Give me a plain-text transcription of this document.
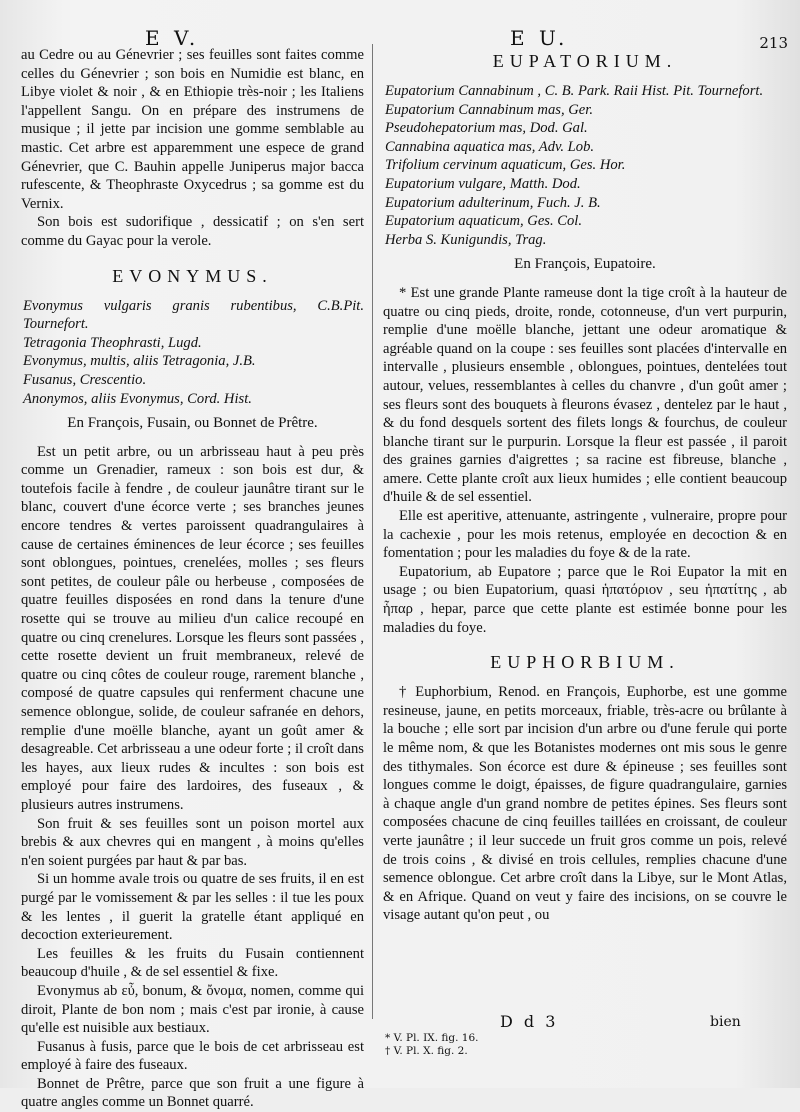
E V.	E U.	213

au Cedre ou au Génevrier ; ses feuilles sont faites comme celles du Génevrier ; son bois en Numidie est blanc, en Libye violet & noir , & en Ethiopie très-noir ; les Italiens l'appellent Sangu. On en prépare des instrumens de musique ; il jette par incision une gomme semblable au mastic. Cet arbre est apparemment une espece de grand Génevrier, que C. Bauhin appelle Juniperus major bacca rufescente, & Theophraste Oxycedrus ; sa gomme est du Vernix.

Son bois est sudorifique , dessicatif ; on s'en sert comme du Gayac pour la verole.

EVONYMUS.

Evonymus vulgaris granis rubentibus, C.B.Pit. Tournefort.

Tetragonia Theophrasti, Lugd.

Evonymus, multis, aliis Tetragonia, J.B.

Fusanus, Crescentio.

Anonymos, aliis Evonymus, Cord. Hist.

En François, Fusain, ou Bonnet de Prêtre.

Est un petit arbre, ou un arbrisseau haut à peu près comme un Grenadier, rameux : son bois est dur, & toutefois facile à fendre , de couleur jaunâtre tirant sur le blanc, couvert d'une écorce verte ; ses branches jeunes encore tendres & vertes paroissent quadrangulaires à cause de certaines éminences de leur écorce ; ses feuilles sont oblongues, pointues, crenelées, molles ; ses fleurs sont petites, de couleur pâle ou herbeuse , composées de quatre feuilles disposées en rond dans la tenure d'une rosette qui se trouve au milieu d'un calice recoupé en quatre ou cinq crenelures. Lorsque les fleurs sont passées , cette rosette devient un fruit membraneux, relevé de quatre ou cinq côtes de couleur rouge, rarement blanche , composé de quatre capsules qui renferment chacune une semence oblongue, solide, de couleur safranée en dehors, remplie d'une moëlle blanche, ayant un goût amer & desagreable. Cet arbrisseau a une odeur forte ; il croît dans les hayes, aux lieux rudes & incultes : son bois est employé pour faire des lardoires, des fuseaux , & plusieurs autres instrumens.

Son fruit & ses feuilles sont un poison mortel aux brebis & aux chevres qui en mangent , à moins qu'elles n'en soient purgées par haut & par bas.

Si un homme avale trois ou quatre de ses fruits, il en est purgé par le vomissement & par les selles : il tue les poux & les lentes , il guerit la gratelle étant appliqué en decoction exterieurement.

Les feuilles & les fruits du Fusain contiennent beaucoup d'huile , & de sel essentiel & fixe.

Evonymus ab εὖ, bonum, & ὄνομα, nomen, comme qui diroit, Plante de bon nom ; mais c'est par ironie, à cause qu'elle est nuisible aux bestiaux.

Fusanus à fusis, parce que le bois de cet arbrisseau est employé à faire des fuseaux.

Bonnet de Prêtre, parce que son fruit a une figure à quatre angles comme un Bonnet quarré.

EUPATORIUM.

Eupatorium Cannabinum , C. B. Park. Raii Hist. Pit. Tournefort.

Eupatorium Cannabinum mas, Ger.

Pseudohepatorium mas, Dod. Gal.

Cannabina aquatica mas, Adv. Lob.

Trifolium cervinum aquaticum, Ges. Hor.

Eupatorium vulgare, Matth. Dod.

Eupatorium adulterinum, Fuch. J. B.

Eupatorium aquaticum, Ges. Col.

Herba S. Kunigundis, Trag.

En François, Eupatoire.

* Est une grande Plante rameuse dont la tige croît à la hauteur de quatre ou cinq pieds, droite, ronde, cotonneuse, d'un vert purpurin, remplie d'une moëlle blanche, jettant une odeur aromatique & agréable quand on la coupe : ses feuilles sont placées d'intervalle en intervalle , plusieurs ensemble , oblongues, pointues, dentelées tout autour, velues, ressemblantes à celles du chanvre , d'un goût amer ; ses fleurs sont des bouquets à fleurons évasez , dentelez par le haut , & du fond desquels sortent des filets longs & fourchus, de couleur blanche tirant sur le purpurin. Lorsque la fleur est passée , il paroit des graines garnies d'aigrettes ; sa racine est fibreuse, blanche , amere. Cette plante croît aux lieux humides ; elle contient beaucoup d'huile & de sel essentiel.

Elle est aperitive, attenuante, astringente , vulneraire, propre pour la cachexie , pour les mois retenus, employée en decoction & en fomentation ; pour les maladies du foye & de la rate.

Eupatorium, ab Eupatore ; parce que le Roi Eupator la mit en usage ; ou bien Eupatorium, quasi ἡπατόριον , seu ἡπατίτης , ab ἧπαρ , hepar, parce que cette plante est estimée bonne pour les maladies du foye.

EUPHORBIUM.

† Euphorbium, Renod. en François, Euphorbe, est une gomme resineuse, jaune, en petits morceaux, friable, très-acre ou brûlante à la bouche ; elle sort par incision d'un arbre ou d'une ferule qui porte le même nom, & que les Botanistes modernes ont mis sous le genre des tithymales. Son écorce est dure & épineuse ; ses feuilles sont longues comme le doigt, épaisses, de figure quadrangulaire, garnies à chaque angle d'un grand nombre de petites épines. Ses fleurs sont composées chacune de cinq feuilles taillées en croissant, de couleur verte jaunâtre ; il leur succede un fruit gros comme un pois, relevé de trois coins , & divisé en trois cellules, remplies chacune d'une semence oblongue. Cet arbre croît dans la Libye, sur le Mont Atlas, & en Afrique. Quand on veut y faire des incisions, on se couvre le visage autant qu'on peut , ou

D d 3	bien
* V. Pl. IX. fig. 16.
† V. Pl. X. fig. 2.
